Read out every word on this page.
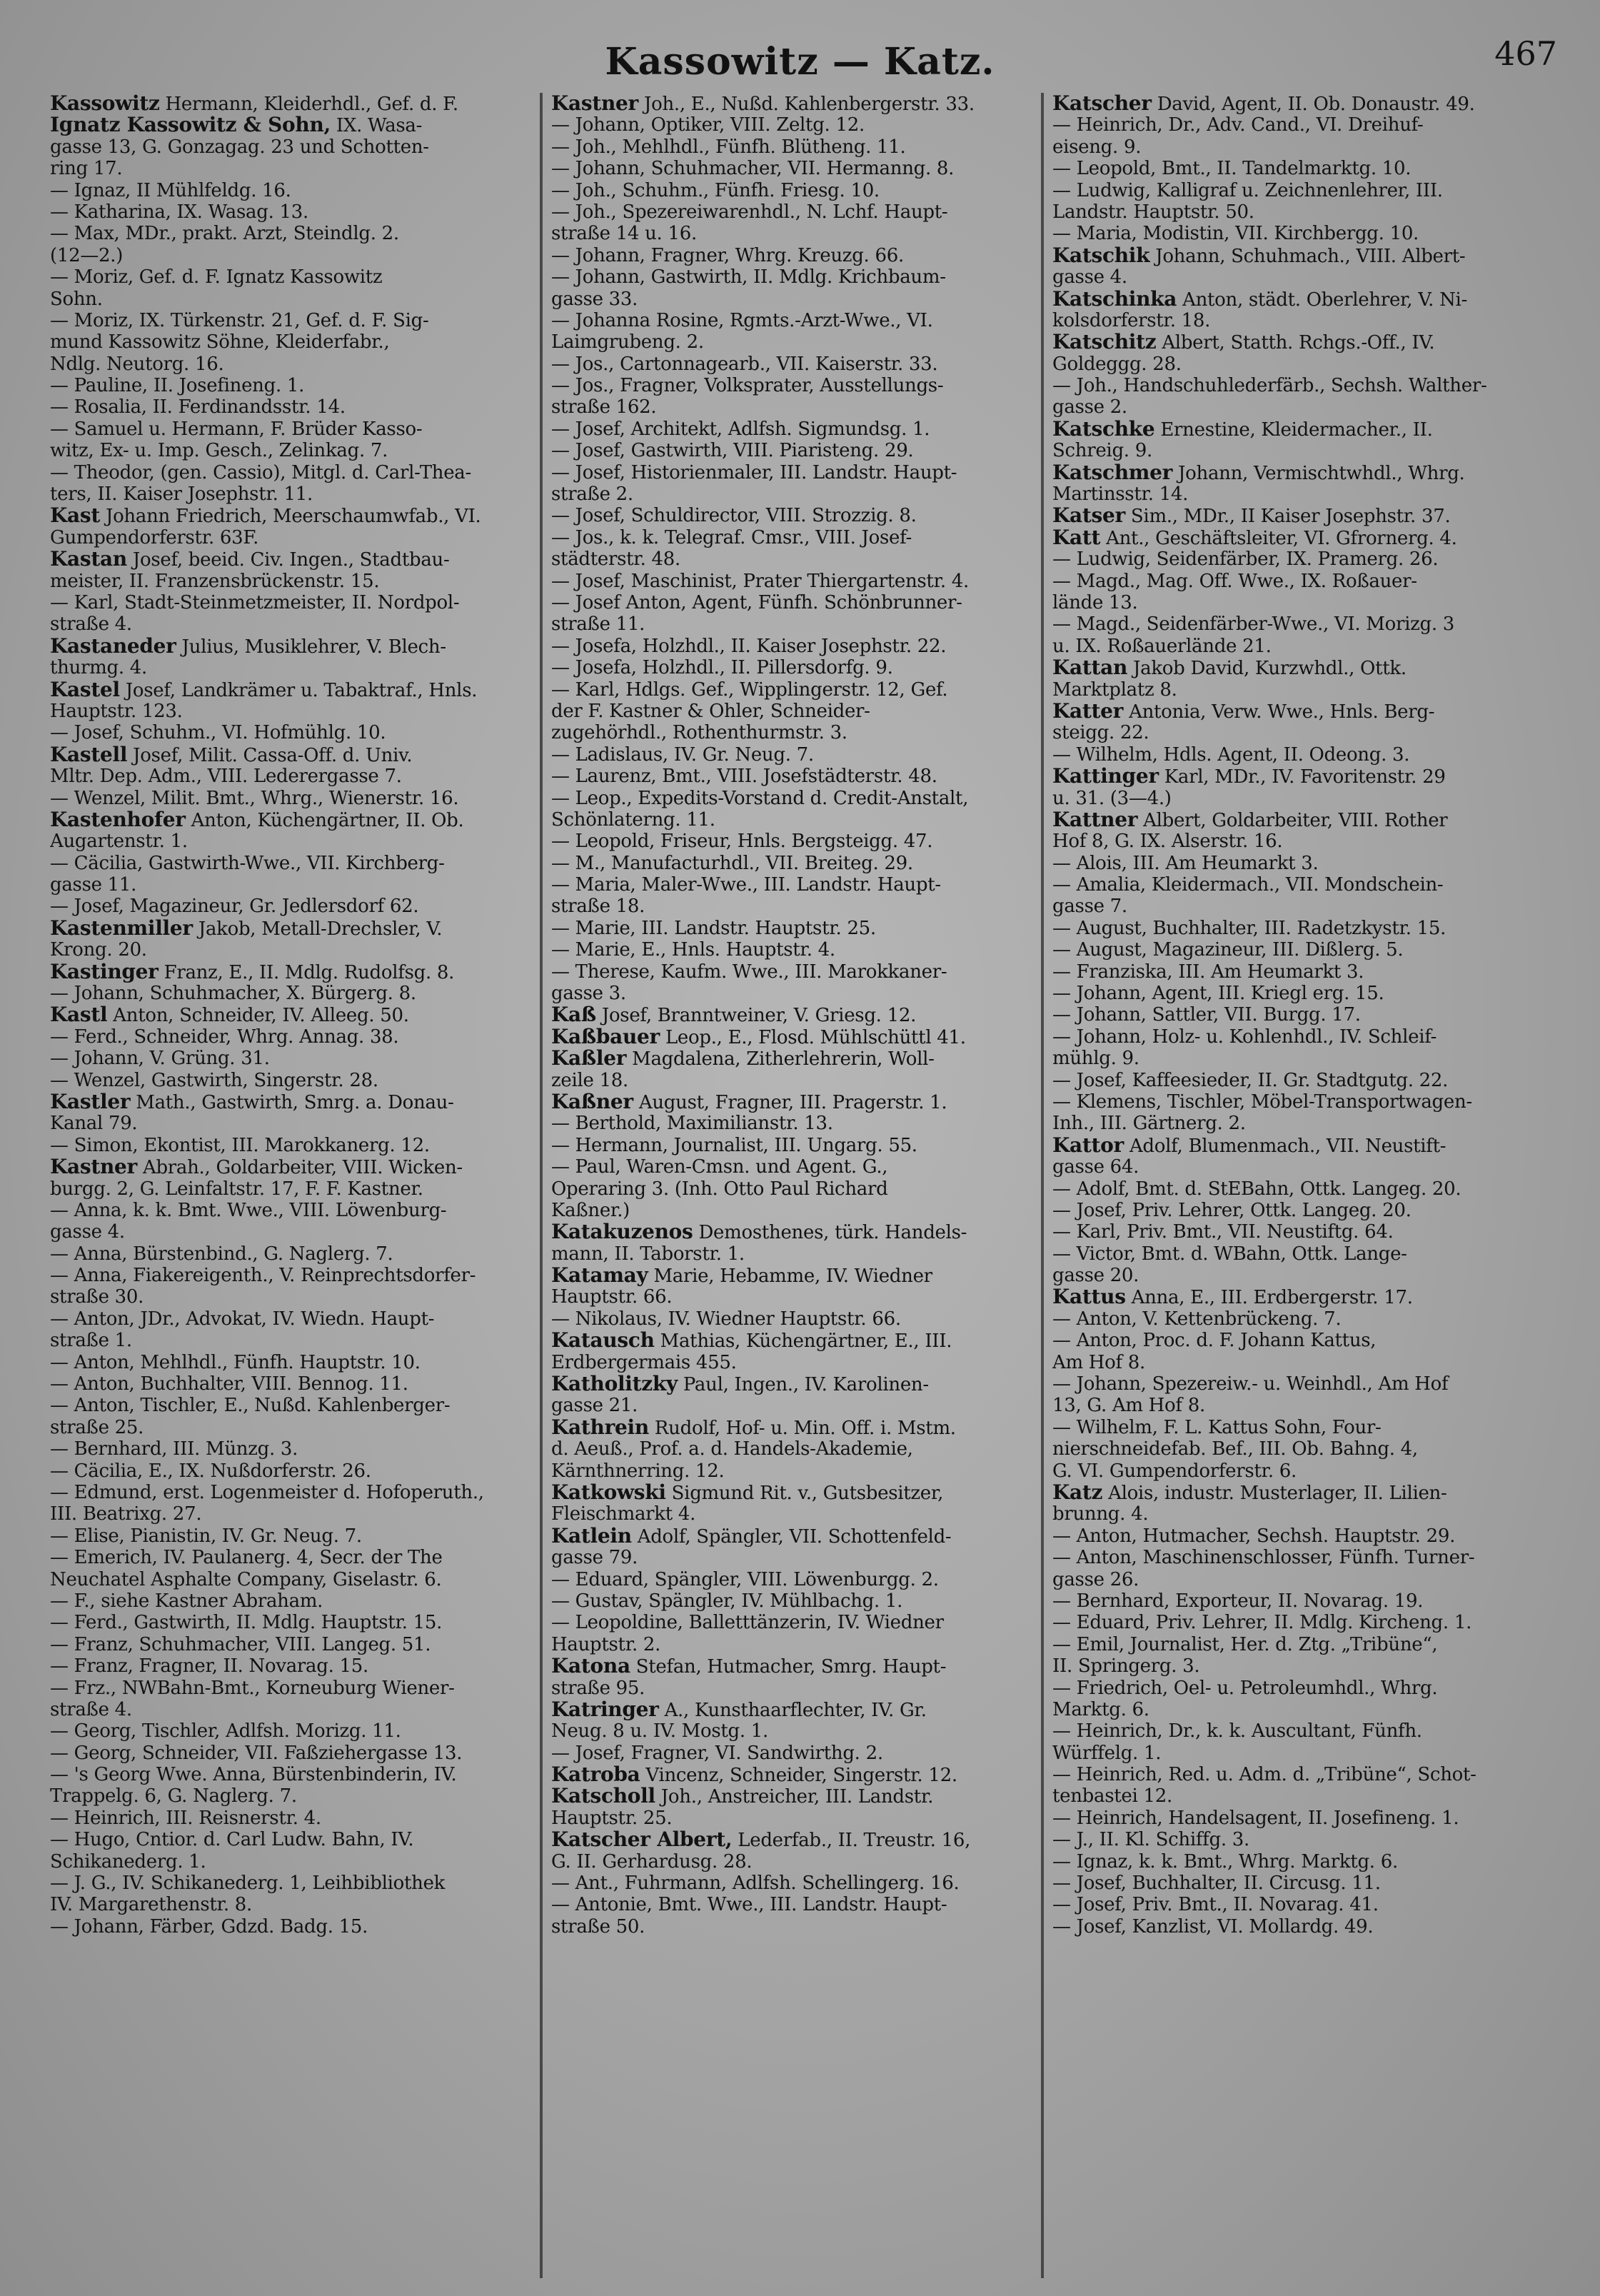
Kassowitz — Katz.	467
Kassowitz Hermann, Kleiderhdl., Gef. d. F.
Ignatz Kassowitz & Sohn, IX. Wasa-
gasse 13, G. Gonzagag. 23 und Schotten-
ring 17.
— Ignaz, II Mühlfeldg. 16.
— Katharina, IX. Wasag. 13.
— Max, MDr., prakt. Arzt, Steindlg. 2.
(12—2.)
— Moriz, Gef. d. F. Ignatz Kassowitz
Sohn.
— Moriz, IX. Türkenstr. 21, Gef. d. F. Sig-
mund Kassowitz Söhne, Kleiderfabr.,
Ndlg. Neutorg. 16.
— Pauline, II. Josefineng. 1.
— Rosalia, II. Ferdinandsstr. 14.
— Samuel u. Hermann, F. Brüder Kasso-
witz, Ex- u. Imp. Gesch., Zelinkag. 7.
— Theodor, (gen. Cassio), Mitgl. d. Carl-Thea-
ters, II. Kaiser Josephstr. 11.
Kast Johann Friedrich, Meerschaumwfab., VI.
Gumpendorferstr. 63F.
Kastan Josef, beeid. Civ. Ingen., Stadtbau-
meister, II. Franzensbrückenstr. 15.
— Karl, Stadt-Steinmetzmeister, II. Nordpol-
straße 4.
Kastaneder Julius, Musiklehrer, V. Blech-
thurmg. 4.
Kastel Josef, Landkrämer u. Tabaktraf., Hnls.
Hauptstr. 123.
— Josef, Schuhm., VI. Hofmühlg. 10.
Kastell Josef, Milit. Cassa-Off. d. Univ.
Mltr. Dep. Adm., VIII. Lederergasse 7.
— Wenzel, Milit. Bmt., Whrg., Wienerstr. 16.
Kastenhofer Anton, Küchengärtner, II. Ob.
Augartenstr. 1.
— Cäcilia, Gastwirth-Wwe., VII. Kirchberg-
gasse 11.
— Josef, Magazineur, Gr. Jedlersdorf 62.
Kastenmiller Jakob, Metall-Drechsler, V.
Krong. 20.
Kastinger Franz, E., II. Mdlg. Rudolfsg. 8.
— Johann, Schuhmacher, X. Bürgerg. 8.
Kastl Anton, Schneider, IV. Alleeg. 50.
— Ferd., Schneider, Whrg. Annag. 38.
— Johann, V. Grüng. 31.
— Wenzel, Gastwirth, Singerstr. 28.
Kastler Math., Gastwirth, Smrg. a. Donau-
Kanal 79.
— Simon, Ekontist, III. Marokkanerg. 12.
Kastner Abrah., Goldarbeiter, VIII. Wicken-
burgg. 2, G. Leinfaltstr. 17, F. F. Kastner.
— Anna, k. k. Bmt. Wwe., VIII. Löwenburg-
gasse 4.
— Anna, Bürstenbind., G. Naglerg. 7.
— Anna, Fiakereigenth., V. Reinprechtsdorfer-
straße 30.
— Anton, JDr., Advokat, IV. Wiedn. Haupt-
straße 1.
— Anton, Mehlhdl., Fünfh. Hauptstr. 10.
— Anton, Buchhalter, VIII. Bennog. 11.
— Anton, Tischler, E., Nußd. Kahlenberger-
straße 25.
— Bernhard, III. Münzg. 3.
— Cäcilia, E., IX. Nußdorferstr. 26.
— Edmund, erst. Logenmeister d. Hofoperuth.,
III. Beatrixg. 27.
— Elise, Pianistin, IV. Gr. Neug. 7.
— Emerich, IV. Paulanerg. 4, Secr. der The
Neuchatel Asphalte Company, Giselastr. 6.
— F., siehe Kastner Abraham.
— Ferd., Gastwirth, II. Mdlg. Hauptstr. 15.
— Franz, Schuhmacher, VIII. Langeg. 51.
— Franz, Fragner, II. Novarag. 15.
— Frz., NWBahn-Bmt., Korneuburg Wiener-
straße 4.
— Georg, Tischler, Adlfsh. Morizg. 11.
— Georg, Schneider, VII. Faßziehergasse 13.
— 's Georg Wwe. Anna, Bürstenbinderin, IV.
Trappelg. 6, G. Naglerg. 7.
— Heinrich, III. Reisnerstr. 4.
— Hugo, Cntior. d. Carl Ludw. Bahn, IV.
Schikanederg. 1.
— J. G., IV. Schikanederg. 1, Leihbibliothek
IV. Margarethenstr. 8.
— Johann, Färber, Gdzd. Badg. 15.
Kastner Joh., E., Nußd. Kahlenbergerstr. 33.
— Johann, Optiker, VIII. Zeltg. 12.
— Joh., Mehlhdl., Fünfh. Blütheng. 11.
— Johann, Schuhmacher, VII. Hermanng. 8.
— Joh., Schuhm., Fünfh. Friesg. 10.
— Joh., Spezereiwarenhdl., N. Lchf. Haupt-
straße 14 u. 16.
— Johann, Fragner, Whrg. Kreuzg. 66.
— Johann, Gastwirth, II. Mdlg. Krichbaum-
gasse 33.
— Johanna Rosine, Rgmts.-Arzt-Wwe., VI.
Laimgrubeng. 2.
— Jos., Cartonnagearb., VII. Kaiserstr. 33.
— Jos., Fragner, Volksprater, Ausstellungs-
straße 162.
— Josef, Architekt, Adlfsh. Sigmundsg. 1.
— Josef, Gastwirth, VIII. Piaristeng. 29.
— Josef, Historienmaler, III. Landstr. Haupt-
straße 2.
— Josef, Schuldirector, VIII. Strozzig. 8.
— Jos., k. k. Telegraf. Cmsr., VIII. Josef-
städterstr. 48.
— Josef, Maschinist, Prater Thiergartenstr. 4.
— Josef Anton, Agent, Fünfh. Schönbrunner-
straße 11.
— Josefa, Holzhdl., II. Kaiser Josephstr. 22.
— Josefa, Holzhdl., II. Pillersdorfg. 9.
— Karl, Hdlgs. Gef., Wipplingerstr. 12, Gef.
der F. Kastner & Ohler, Schneider-
zugehörhdl., Rothenthurmstr. 3.
— Ladislaus, IV. Gr. Neug. 7.
— Laurenz, Bmt., VIII. Josefstädterstr. 48.
— Leop., Expedits-Vorstand d. Credit-Anstalt,
Schönlaterng. 11.
— Leopold, Friseur, Hnls. Bergsteigg. 47.
— M., Manufacturhdl., VII. Breiteg. 29.
— Maria, Maler-Wwe., III. Landstr. Haupt-
straße 18.
— Marie, III. Landstr. Hauptstr. 25.
— Marie, E., Hnls. Hauptstr. 4.
— Therese, Kaufm. Wwe., III. Marokkaner-
gasse 3.
Kaß Josef, Branntweiner, V. Griesg. 12.
Kaßbauer Leop., E., Flosd. Mühlschüttl 41.
Kaßler Magdalena, Zitherlehrerin, Woll-
zeile 18.
Kaßner August, Fragner, III. Pragerstr. 1.
— Berthold, Maximilianstr. 13.
— Hermann, Journalist, III. Ungarg. 55.
— Paul, Waren-Cmsn. und Agent. G.,
Operaring 3. (Inh. Otto Paul Richard
Kaßner.)
Katakuzenos Demosthenes, türk. Handels-
mann, II. Taborstr. 1.
Katamay Marie, Hebamme, IV. Wiedner
Hauptstr. 66.
— Nikolaus, IV. Wiedner Hauptstr. 66.
Katausch Mathias, Küchengärtner, E., III.
Erdbergermais 455.
Katholitzky Paul, Ingen., IV. Karolinen-
gasse 21.
Kathrein Rudolf, Hof- u. Min. Off. i. Mstm.
d. Aeuß., Prof. a. d. Handels-Akademie,
Kärnthnerring. 12.
Katkowski Sigmund Rit. v., Gutsbesitzer,
Fleischmarkt 4.
Katlein Adolf, Spängler, VII. Schottenfeld-
gasse 79.
— Eduard, Spängler, VIII. Löwenburgg. 2.
— Gustav, Spängler, IV. Mühlbachg. 1.
— Leopoldine, Balletttänzerin, IV. Wiedner
Hauptstr. 2.
Katona Stefan, Hutmacher, Smrg. Haupt-
straße 95.
Katringer A., Kunsthaarflechter, IV. Gr.
Neug. 8 u. IV. Mostg. 1.
— Josef, Fragner, VI. Sandwirthg. 2.
Katroba Vincenz, Schneider, Singerstr. 12.
Katscholl Joh., Anstreicher, III. Landstr.
Hauptstr. 25.
Katscher Albert, Lederfab., II. Treustr. 16,
G. II. Gerhardusg. 28.
— Ant., Fuhrmann, Adlfsh. Schellingerg. 16.
— Antonie, Bmt. Wwe., III. Landstr. Haupt-
straße 50.
Katscher David, Agent, II. Ob. Donaustr. 49.
— Heinrich, Dr., Adv. Cand., VI. Dreihuf-
eiseng. 9.
— Leopold, Bmt., II. Tandelmarktg. 10.
— Ludwig, Kalligraf u. Zeichnenlehrer, III.
Landstr. Hauptstr. 50.
— Maria, Modistin, VII. Kirchbergg. 10.
Katschik Johann, Schuhmach., VIII. Albert-
gasse 4.
Katschinka Anton, städt. Oberlehrer, V. Ni-
kolsdorferstr. 18.
Katschitz Albert, Statth. Rchgs.-Off., IV.
Goldeggg. 28.
— Joh., Handschuhlederfärb., Sechsh. Walther-
gasse 2.
Katschke Ernestine, Kleidermacher., II.
Schreig. 9.
Katschmer Johann, Vermischtwhdl., Whrg.
Martinsstr. 14.
Katser Sim., MDr., II Kaiser Josephstr. 37.
Katt Ant., Geschäftsleiter, VI. Gfrornerg. 4.
— Ludwig, Seidenfärber, IX. Pramerg. 26.
— Magd., Mag. Off. Wwe., IX. Roßauer-
lände 13.
— Magd., Seidenfärber-Wwe., VI. Morizg. 3
u. IX. Roßauerlände 21.
Kattan Jakob David, Kurzwhdl., Ottk.
Marktplatz 8.
Katter Antonia, Verw. Wwe., Hnls. Berg-
steigg. 22.
— Wilhelm, Hdls. Agent, II. Odeong. 3.
Kattinger Karl, MDr., IV. Favoritenstr. 29
u. 31. (3—4.)
Kattner Albert, Goldarbeiter, VIII. Rother
Hof 8, G. IX. Alserstr. 16.
— Alois, III. Am Heumarkt 3.
— Amalia, Kleidermach., VII. Mondschein-
gasse 7.
— August, Buchhalter, III. Radetzkystr. 15.
— August, Magazineur, III. Dißlerg. 5.
— Franziska, III. Am Heumarkt 3.
— Johann, Agent, III. Kriegl erg. 15.
— Johann, Sattler, VII. Burgg. 17.
— Johann, Holz- u. Kohlenhdl., IV. Schleif-
mühlg. 9.
— Josef, Kaffeesieder, II. Gr. Stadtgutg. 22.
— Klemens, Tischler, Möbel-Transportwagen-
Inh., III. Gärtnerg. 2.
Kattor Adolf, Blumenmach., VII. Neustift-
gasse 64.
— Adolf, Bmt. d. StEBahn, Ottk. Langeg. 20.
— Josef, Priv. Lehrer, Ottk. Langeg. 20.
— Karl, Priv. Bmt., VII. Neustiftg. 64.
— Victor, Bmt. d. WBahn, Ottk. Lange-
gasse 20.
Kattus Anna, E., III. Erdbergerstr. 17.
— Anton, V. Kettenbrückeng. 7.
— Anton, Proc. d. F. Johann Kattus,
Am Hof 8.
— Johann, Spezereiw.- u. Weinhdl., Am Hof
13, G. Am Hof 8.
— Wilhelm, F. L. Kattus Sohn, Four-
nierschneidefab. Bef., III. Ob. Bahng. 4,
G. VI. Gumpendorferstr. 6.
Katz Alois, industr. Musterlager, II. Lilien-
brunng. 4.
— Anton, Hutmacher, Sechsh. Hauptstr. 29.
— Anton, Maschinenschlosser, Fünfh. Turner-
gasse 26.
— Bernhard, Exporteur, II. Novarag. 19.
— Eduard, Priv. Lehrer, II. Mdlg. Kircheng. 1.
— Emil, Journalist, Her. d. Ztg. „Tribüne“,
II. Springerg. 3.
— Friedrich, Oel- u. Petroleumhdl., Whrg.
Marktg. 6.
— Heinrich, Dr., k. k. Auscultant, Fünfh.
Würffelg. 1.
— Heinrich, Red. u. Adm. d. „Tribüne“, Schot-
tenbastei 12.
— Heinrich, Handelsagent, II. Josefineng. 1.
— J., II. Kl. Schiffg. 3.
— Ignaz, k. k. Bmt., Whrg. Marktg. 6.
— Josef, Buchhalter, II. Circusg. 11.
— Josef, Priv. Bmt., II. Novarag. 41.
— Josef, Kanzlist, VI. Mollardg. 49.
